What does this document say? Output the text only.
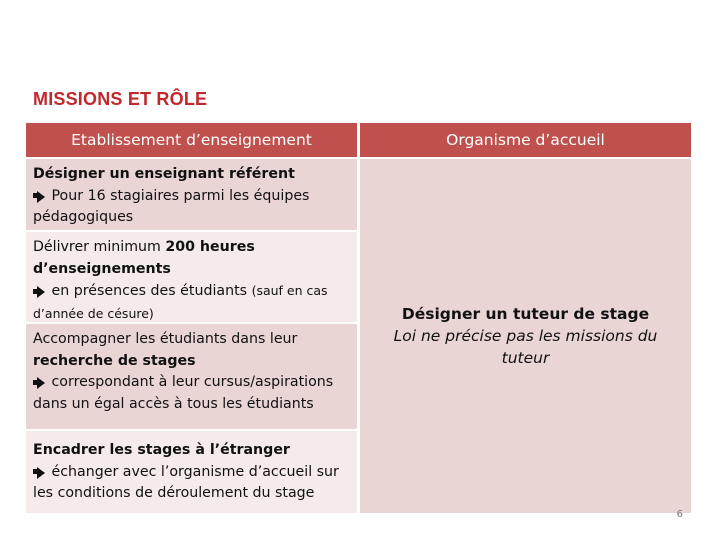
MISSIONS ET RÔLE
Etablissement d’enseignement	Organisme d’accueil
Désigner un enseignant référent

Pour 16 stagiaires parmi les équipes pédagogiques
Délivrer minimum 200 heures d’enseignements

en présences des étudiants (sauf en cas d’année de césure)
Accompagner les étudiants dans leur recherche de stages

correspondant à leur cursus/aspirations dans un égal accès à tous les étudiants
Encadrer les stages à l’étranger

échanger avec l’organisme d’accueil sur les conditions de déroulement du stage
Désigner un tuteur de stage
Loi ne précise pas les missions du tuteur
6
